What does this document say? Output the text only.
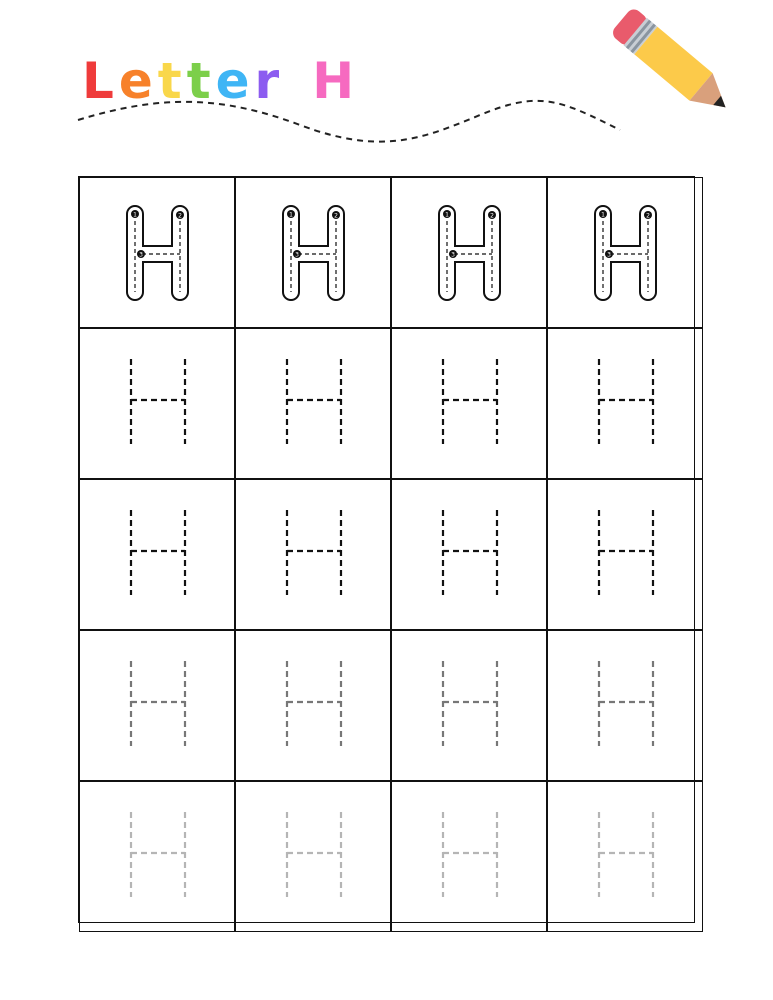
L e t t e r H
1	2
3
1	2
3
1	2
3
1	2
3
